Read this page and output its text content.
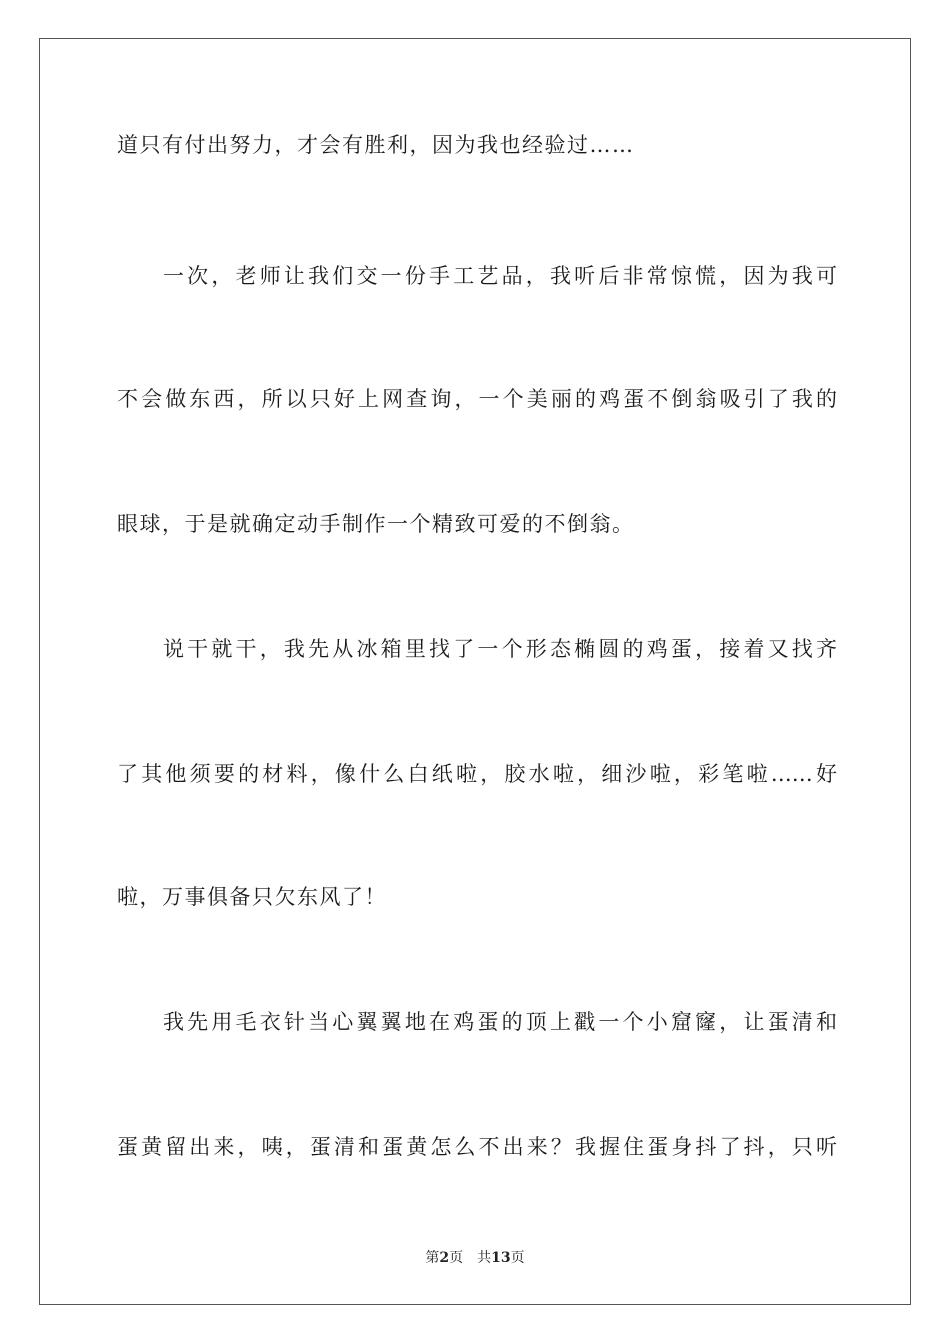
道只有付出努力，才会有胜利，因为我也经验过……
一次，老师让我们交一份手工艺品，我听后非常惊慌，因为我可
不会做东西，所以只好上网查询，一个美丽的鸡蛋不倒翁吸引了我的
眼球，于是就确定动手制作一个精致可爱的不倒翁。
说干就干，我先从冰箱里找了一个形态椭圆的鸡蛋，接着又找齐
了其他须要的材料，像什么白纸啦，胶水啦，细沙啦，彩笔啦……好
啦，万事俱备只欠东风了！
我先用毛衣针当心翼翼地在鸡蛋的顶上戳一个小窟窿，让蛋清和
蛋黄留出来，咦，蛋清和蛋黄怎么不出来？我握住蛋身抖了抖，只听
第2页 共13页
